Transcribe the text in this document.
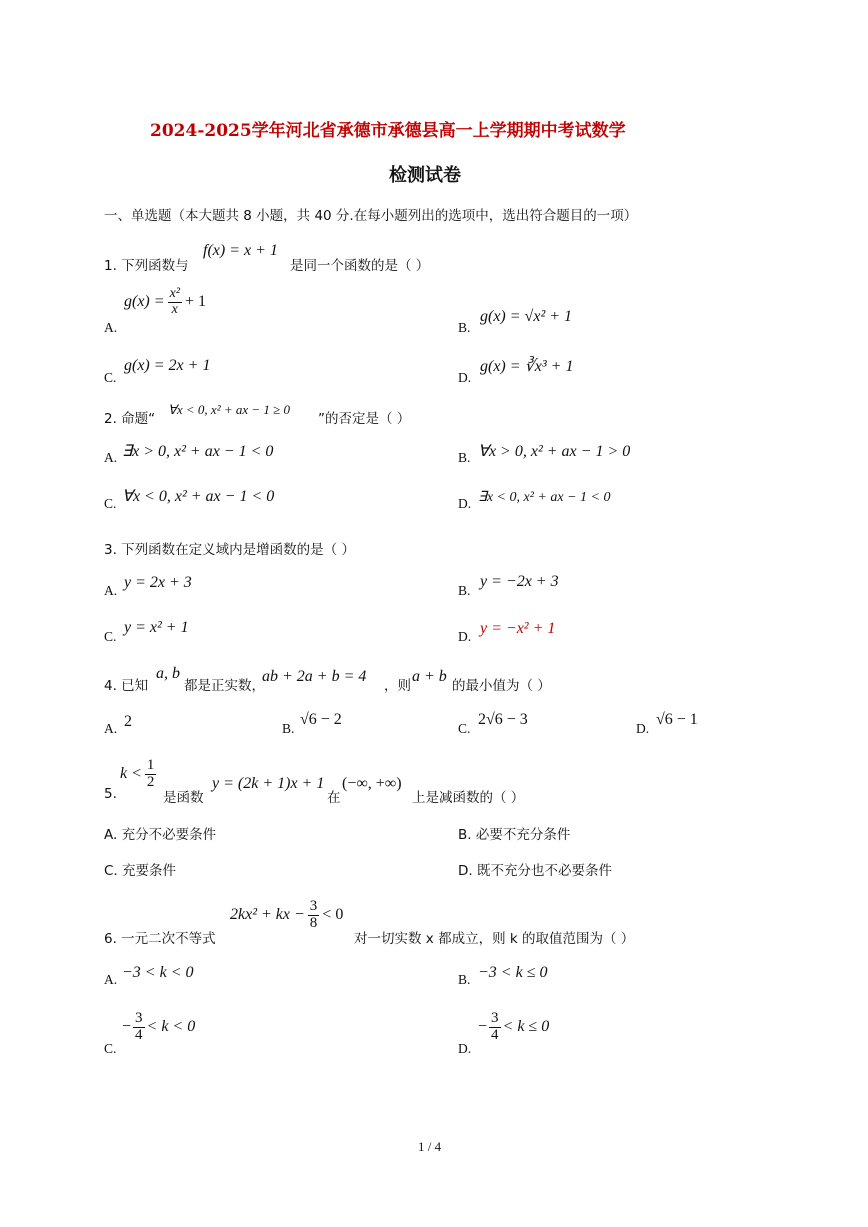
2024-2025学年河北省承德市承德县高一上学期期中考试数学
检测试卷
一、单选题（本大题共 8 小题，共 40 分.在每小题列出的选项中，选出符合题目的一项）
1. 下列函数与
f(x) = x + 1
是同一个函数的是（ ）
A.
$g(x) = \frac{\text{x²}}{x} + 1$
B.
g(x) = √x² + 1
C.
g(x) = 2x + 1
D.
g(x) = ∛x³ + 1
2. 命题“
∀x < 0, x² + ax − 1 ≥ 0
”的否定是（ ）
A. ∃x > 0, x² + ax − 1 < 0	B. ∀x > 0, x² + ax − 1 > 0
C. ∀x < 0, x² + ax − 1 < 0	D. ∃x < 0, x² + ax − 1 < 0
3. 下列函数在定义域内是增函数的是（ ）
A. y = 2x + 3	B.
y = −2x + 3
C.
y = x² + 1
D. y = −x² + 1
4. 已知
a, b
都是正实数，
ab + 2a + b = 4
，则
a + b
的最小值为（ ）
A. 2	B.
√6 − 2
C.
2√6 − 3
D.
√6 − 1
5.
$k < \frac{1}{2}$
是函数
y = (2k + 1)x + 1
在
(−∞, +∞)
上是减函数的（ ）
A. 充分不必要条件	B. 必要不充分条件
C. 充要条件	D. 既不充分也不必要条件
6. 一元二次不等式
2kx² + kx − $\frac{3}{8} < 0$
对一切实数 x 都成立，则 k 的取值范围为（ ）
A. −3 < k < 0	B. −3 < k ≤ 0
C.
− $\frac{3}{4} < k < 0$
D.
− $\frac{3}{4} < k \le 0$
1 / 4
